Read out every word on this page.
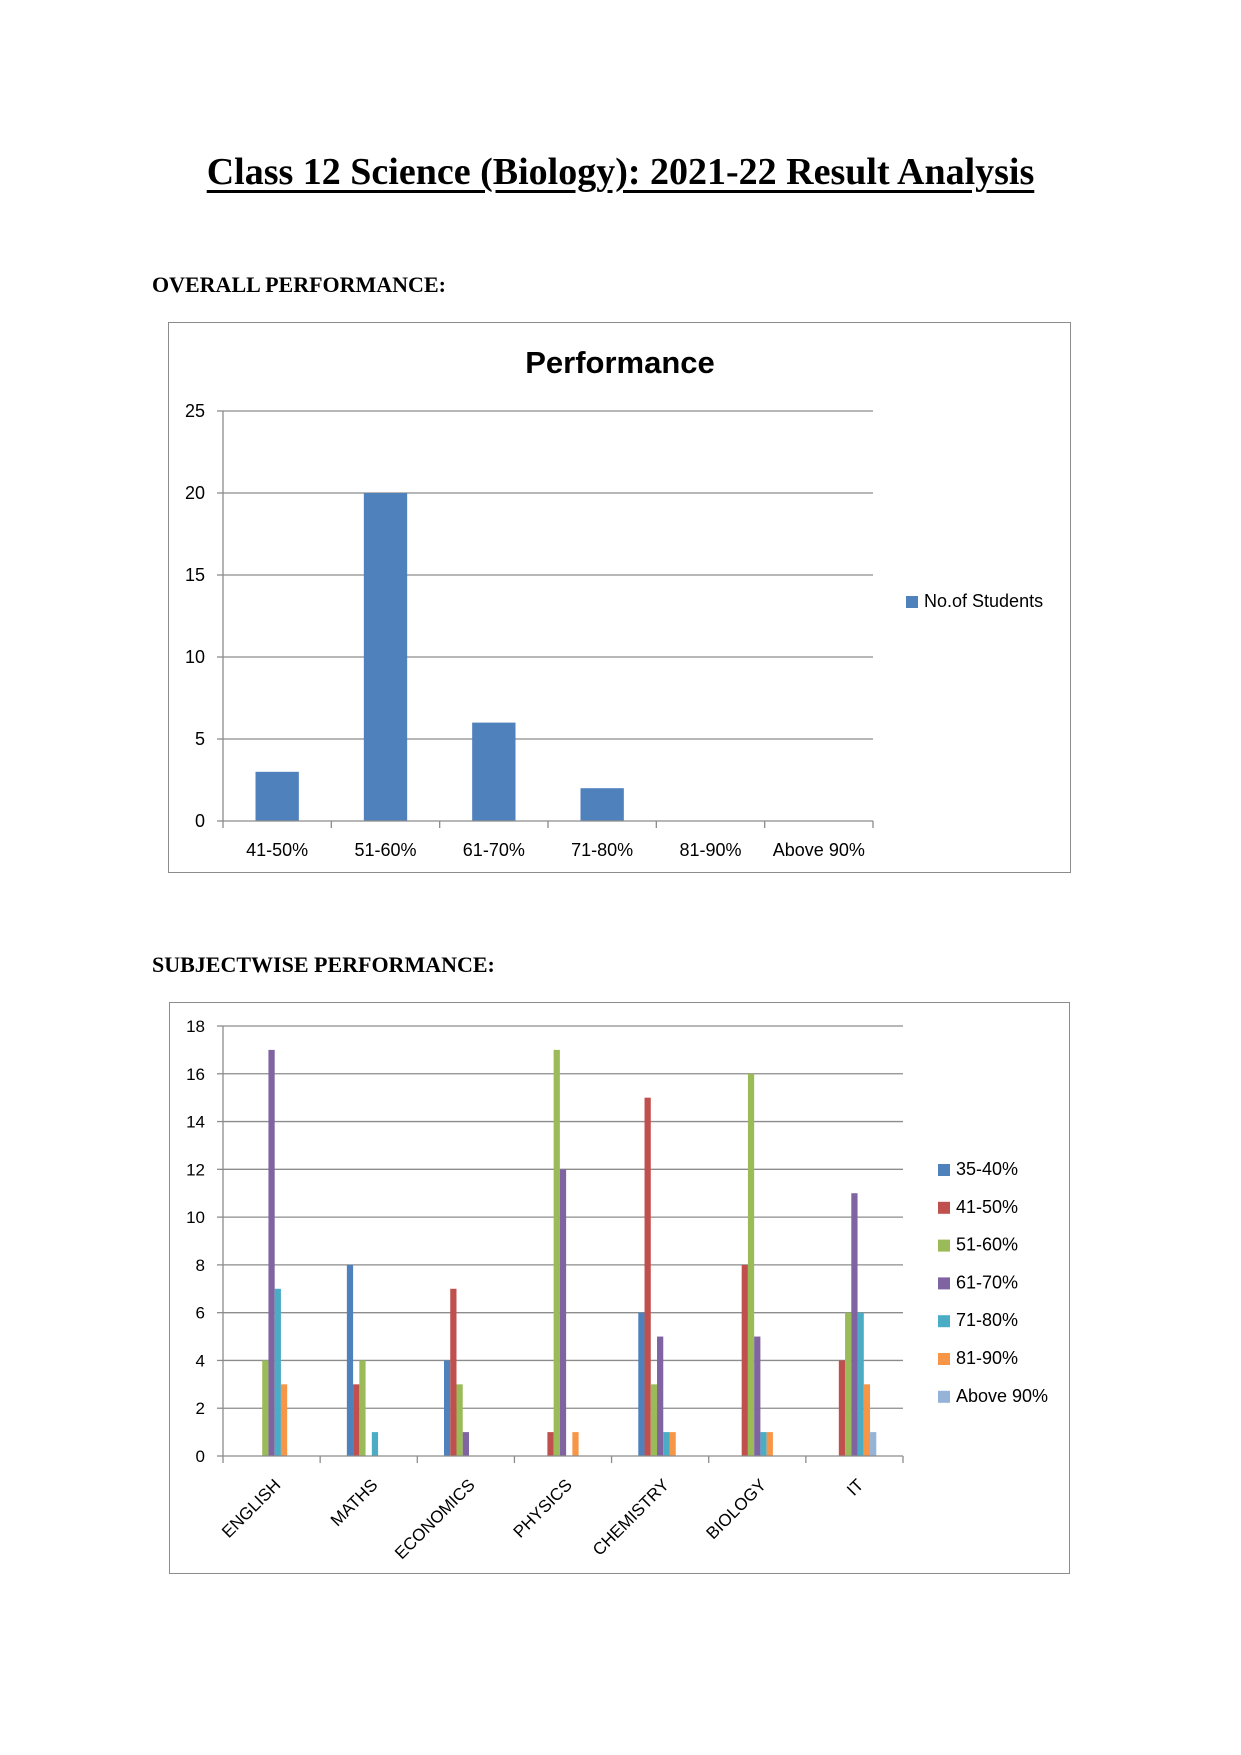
Class 12 Science (Biology): 2021-22 Result Analysis
OVERALL PERFORMANCE:
Performance
0
5
10
15
20
25
41-50%	51-60%	61-70%	71-80%	81-90% Above 90%
No.of Students
SUBJECTWISE PERFORMANCE:
0
2
4
6
8
10
12
14
16
18
ENGLISH	MATHS ECONOMICS PHYSICS CHEMISTRY BIOLOGY	IT
35-40%
41-50%
51-60%
61-70%
71-80%
81-90%
Above 90%
